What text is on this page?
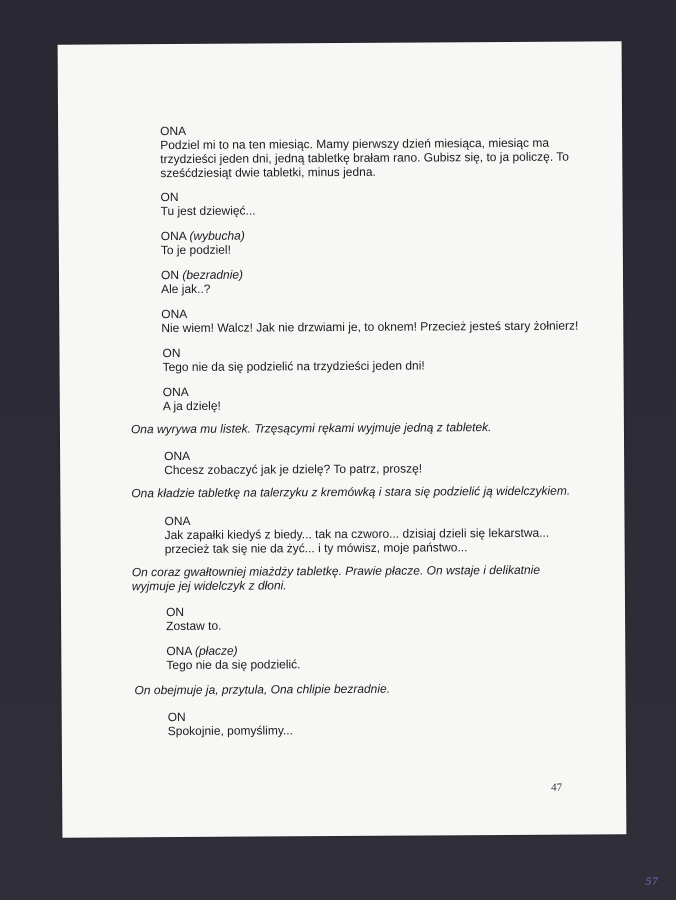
ONA

Podziel mi to na ten miesiąc. Mamy pierwszy dzień miesiąca, miesiąc ma

trzydzieści jeden dni, jedną tabletkę brałam rano. Gubisz się, to ja policzę. To

sześćdziesiąt dwie tabletki, minus jedna.

ON

Tu jest dziewięć...

ONA (wybucha)

To je podziel!

ON (bezradnie)

Ale jak..?

ONA

Nie wiem! Walcz! Jak nie drzwiami je, to oknem! Przecież jesteś stary żołnierz!

ON

Tego nie da się podzielić na trzydzieści jeden dni!

ONA

A ja dzielę!

Ona wyrywa mu listek. Trzęsącymi rękami wyjmuje jedną z tabletek.

ONA

Chcesz zobaczyć jak je dzielę? To patrz, proszę!

Ona kładzie tabletkę na talerzyku z kremówką i stara się podzielić ją widelczykiem.

ONA

Jak zapałki kiedyś z biedy... tak na czworo... dzisiaj dzieli się lekarstwa...

przecież tak się nie da żyć... i ty mówisz, moje państwo...

On coraz gwałtowniej miażdży tabletkę. Prawie płacze. On wstaje i delikatnie

wyjmuje jej widelczyk z dłoni.

ON

Zostaw to.

ONA (płacze)

Tego nie da się podzielić.

On obejmuje ja, przytula, Ona chlipie bezradnie.

ON

Spokojnie, pomyślimy...

47
57
